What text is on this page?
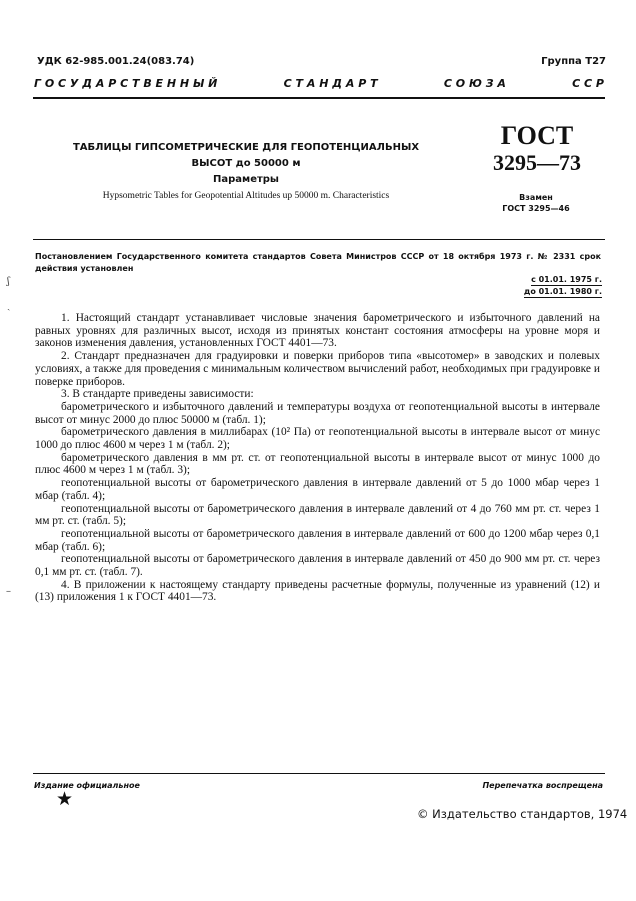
УДК 62-985.001.24(083.74)	Группа Т27
Г О С У Д А Р С Т В Е Н Н Ы Й	С Т А Н Д А Р Т	С О Ю З А	С С Р
ТАБЛИЦЫ ГИПСОМЕТРИЧЕСКИЕ ДЛЯ ГЕОПОТЕНЦИАЛЬНЫХ
ВЫСОТ до 50000 м
Параметры
Hypsometric Tables for Geopotential Altitudes up 50000 m. Characteristics
ГОСТ
3295—73
Взамен
ГОСТ 3295—46
Постановлением Государственного комитета стандартов Совета Министров СССР от 18 октября 1973 г. № 2331 срок действия установлен
с 01.01. 1975 г.
до 01.01. 1980 г.

1. Настоящий стандарт устанавливает числовые значения барометрического и избыточного давлений на равных уровнях для различных высот, исходя из принятых констант состояния атмосферы на уровне моря и законов изменения давления, установленных ГОСТ 4401—73.

2. Стандарт предназначен для градуировки и поверки приборов типа «высотомер» в заводских и полевых условиях, а также для проведения с минимальным количеством вычислений работ, необходимых при градуировке и поверке приборов.

3. В стандарте приведены зависимости:

барометрического и избыточного давлений и температуры воздуха от геопотенциальной высоты в интервале высот от минус 2000 до плюс 50000 м (табл. 1);

барометрического давления в миллибарах (10² Па) от геопотенциальной высоты в интервале высот от минус 1000 до плюс 4600 м через 1 м (табл. 2);

барометрического давления в мм рт. ст. от геопотенциальной высоты в интервале высот от минус 1000 до плюс 4600 м через 1 м (табл. 3);

геопотенциальной высоты от барометрического давления в интервале давлений от 5 до 1000 мбар через 1 мбар (табл. 4);

геопотенциальной высоты от барометрического давления в интервале давлений от 4 до 760 мм рт. ст. через 1 мм рт. ст. (табл. 5);

геопотенциальной высоты от барометрического давления в интервале давлений от 600 до 1200 мбар через 0,1 мбар (табл. 6);

геопотенциальной высоты от барометрического давления в интервале давлений от 450 до 900 мм рт. ст. через 0,1 мм рт. ст. (табл. 7).

4. В приложении к настоящему стандарту приведены расчетные формулы, полученные из уравнений (12) и (13) приложения 1 к ГОСТ 4401—73.

ʃ
ˎ
–
Издание официальное	Перепечатка воспрещена
★
© Издательство стандартов, 1974
